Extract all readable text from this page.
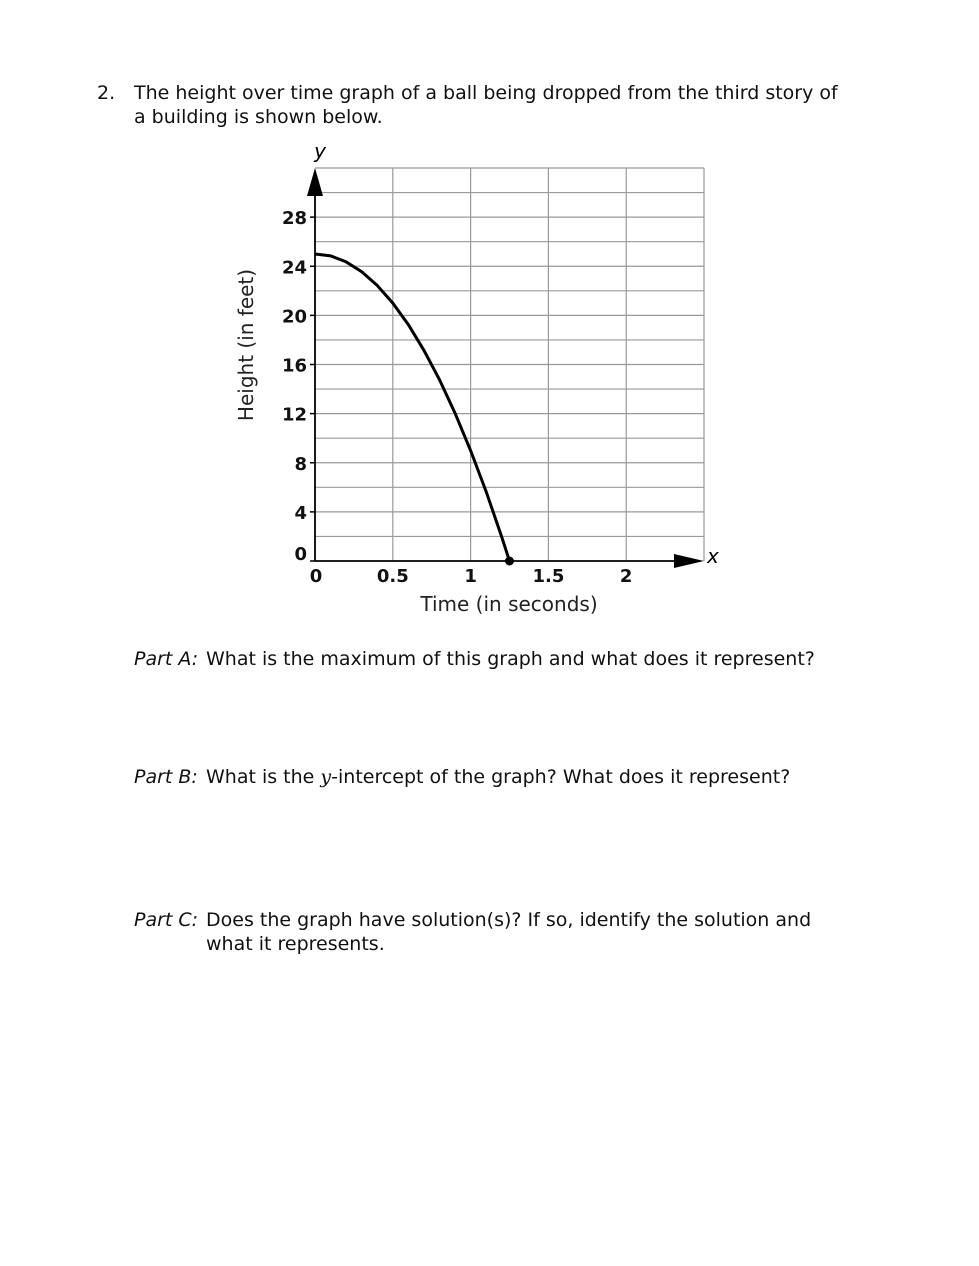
2. The height over time graph of a ball being dropped from the third story of
a building is shown below.
0
4
8
12
16
20
24
28
0	0.5	1	1.5	2
Height (in feet)
Time (in seconds)
y
x
Part A: What is the maximum of this graph and what does it represent?
Part B: What is the y-intercept of the graph? What does it represent?
Part C: Does the graph have solution(s)? If so, identify the solution and
what it represents.
